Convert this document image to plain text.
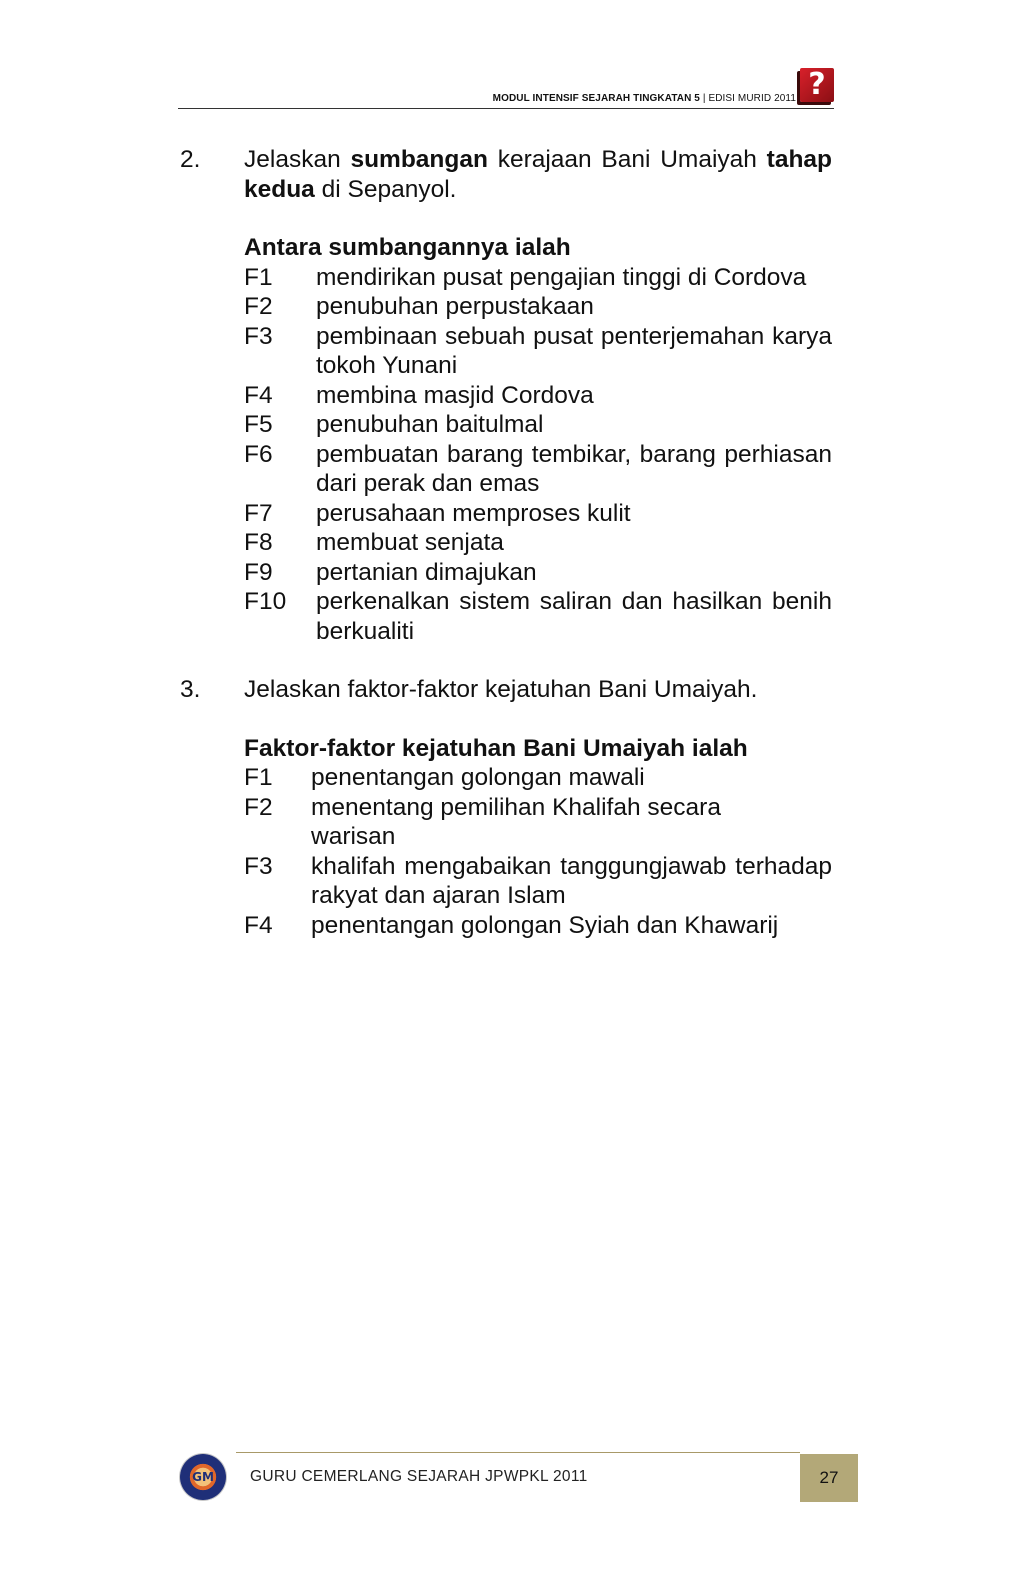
MODUL INTENSIF SEJARAH TINGKATAN 5 | EDISI MURID 2011 ?
2. Jelaskan sumbangan kerajaan Bani Umaiyah tahap kedua di Sepanyol.
Antara sumbangannya ialah
F1 mendirikan pusat pengajian tinggi di Cordova
F2 penubuhan perpustakaan
F3 pembinaan sebuah pusat penterjemahan karya tokoh Yunani
F4 membina masjid Cordova
F5 penubuhan baitulmal
F6 pembuatan barang tembikar, barang perhiasan dari perak dan emas
F7 perusahaan memproses kulit
F8 membuat senjata
F9 pertanian dimajukan
F10 perkenalkan sistem saliran dan hasilkan benih berkualiti
3. Jelaskan faktor-faktor kejatuhan Bani Umaiyah.
Faktor-faktor kejatuhan Bani Umaiyah ialah
F1 penentangan golongan mawali
F2 menentang pemilihan Khalifah secara warisan
F3 khalifah mengabaikan tanggungjawab terhadap rakyat dan ajaran Islam
F4 penentangan golongan Syiah dan Khawarij
GM GURU CEMERLANG SEJARAH JPWPKL 2011	27
